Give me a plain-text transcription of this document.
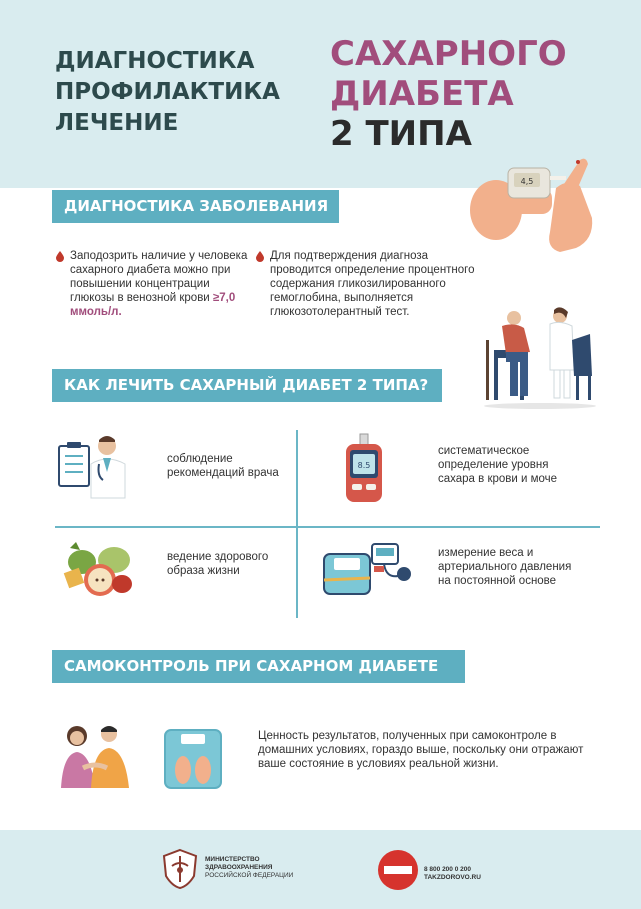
ДИАГНОСТИКА
ПРОФИЛАКТИКА
ЛЕЧЕНИЕ
САХАРНОГО
ДИАБЕТА
2 ТИПА
4,5
ДИАГНОСТИКА ЗАБОЛЕВАНИЯ
Заподозрить наличие у человека сахарного диабета можно при повышении концентрации глюкозы в венозной крови ≥7,0 ммоль/л.
Для подтверждения диагноза проводится определение процентного содержания гликозилированного гемоглобина, выполняется глюкозотолерантный тест.
КАК ЛЕЧИТЬ САХАРНЫЙ ДИАБЕТ 2 ТИПА?
соблюдение рекомендаций врача
8.5
систематическое определение уровня сахара в крови и моче
ведение здорового образа жизни
измерение веса и артериального давления на постоянной основе
САМОКОНТРОЛЬ ПРИ САХАРНОМ ДИАБЕТЕ
Ценность результатов, полученных при самоконтроле в домашних условиях, гораздо выше, поскольку они отражают ваше состояние в условиях реальной жизни.
МИНИСТЕРСТВО
ЗДРАВООХРАНЕНИЯ
РОССИЙСКОЙ ФЕДЕРАЦИИ
8 800 200 0 200
TAKZDOROVO.RU
